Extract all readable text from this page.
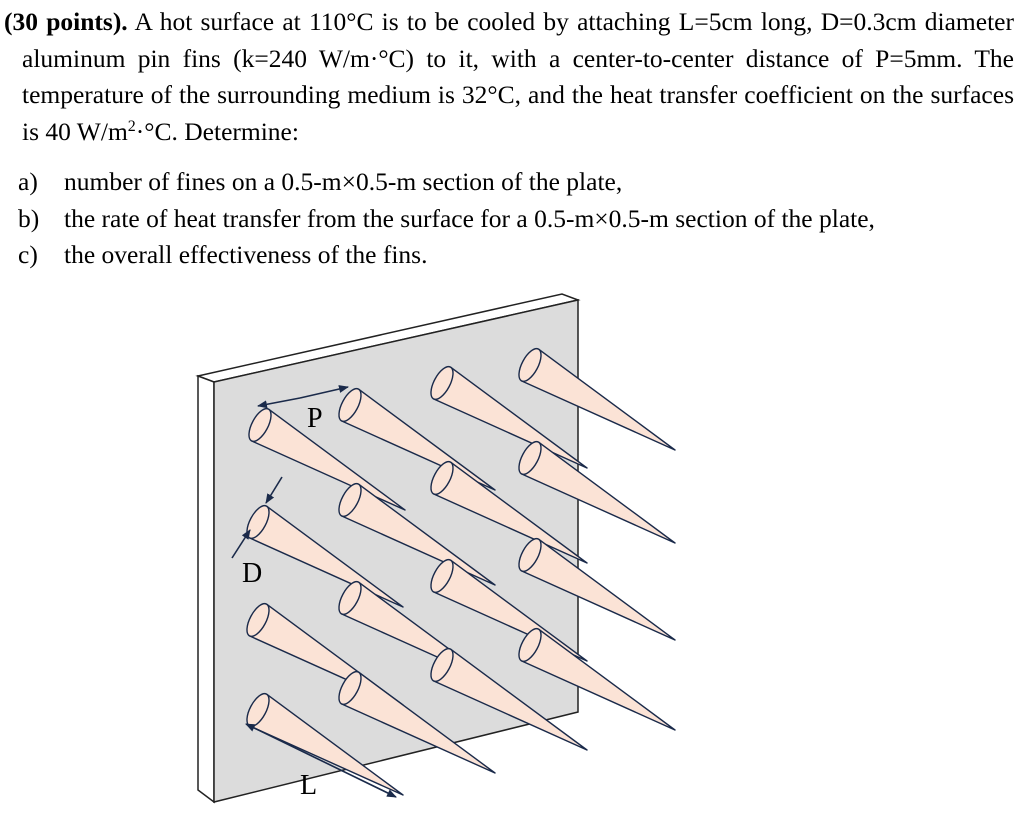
(30 points). A hot surface at 110°C is to be cooled by attaching L=5cm long, D=0.3cm diameter aluminum pin fins (k=240 W/m·°C) to it, with a center-to-center distance of P=5mm. The temperature of the surrounding medium is 32°C, and the heat transfer coefficient on the surfaces is 40 $W/m^2\cdot^\circ C$. Determine:

a)	number of fines on a 0.5-m×0.5-m section of the plate,
b) the rate of heat transfer from the surface for a 0.5-m×0.5-m section of the plate,
c)	the overall effectiveness of the fins.
P
D
L
